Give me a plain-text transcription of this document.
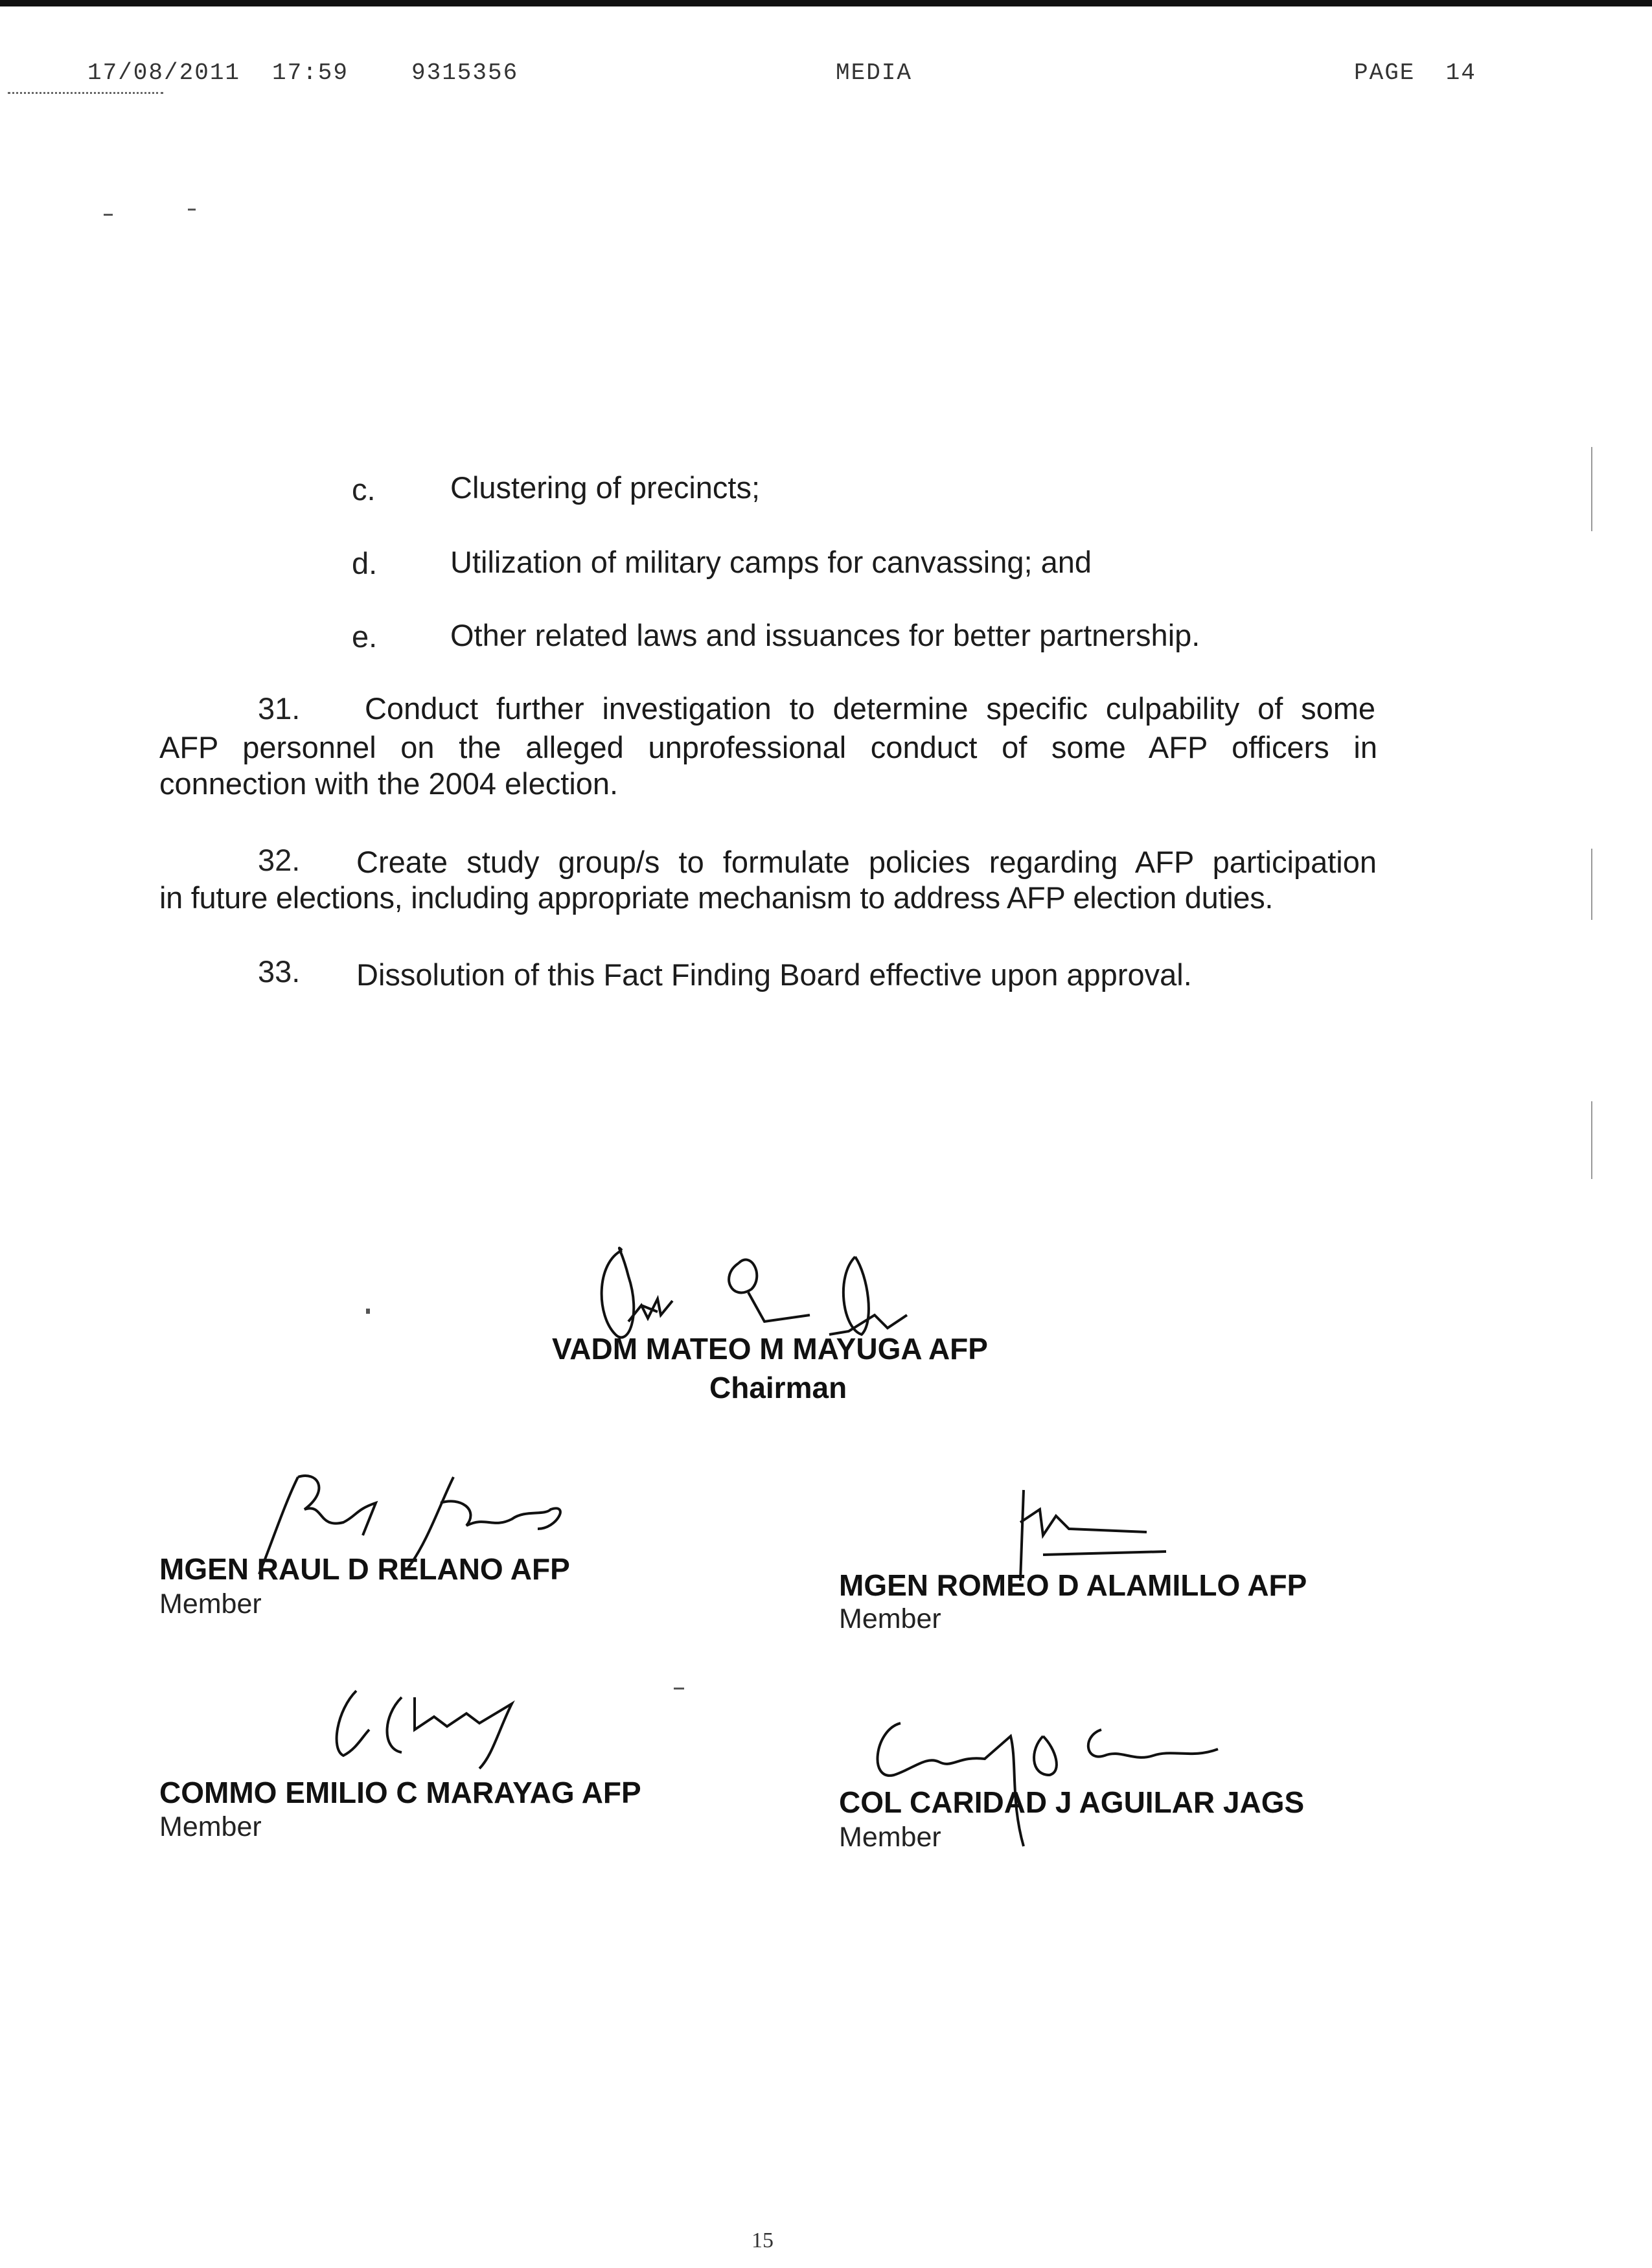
17/08/2011 17:59	9315356	MEDIA	PAGE  14
c. Clustering of precincts;
d. Utilization of military camps for canvassing; and
e. Other related laws and issuances for better partnership.
31. Conduct further investigation to determine specific culpability of some
AFP personnel on the alleged unprofessional conduct of some AFP officers in
connection with the 2004 election.
32. Create study group/s to formulate policies regarding AFP participation
in future elections, including appropriate mechanism to address AFP election duties.
33. Dissolution of this Fact Finding Board effective upon approval.
VADM MATEO M MAYUGA AFP
Chairman
MGEN RAUL D RELANO AFP
Member
MGEN ROMEO D ALAMILLO AFP
Member
COMMO EMILIO C MARAYAG AFP
Member
COL CARIDAD J AGUILAR JAGS
Member
15
